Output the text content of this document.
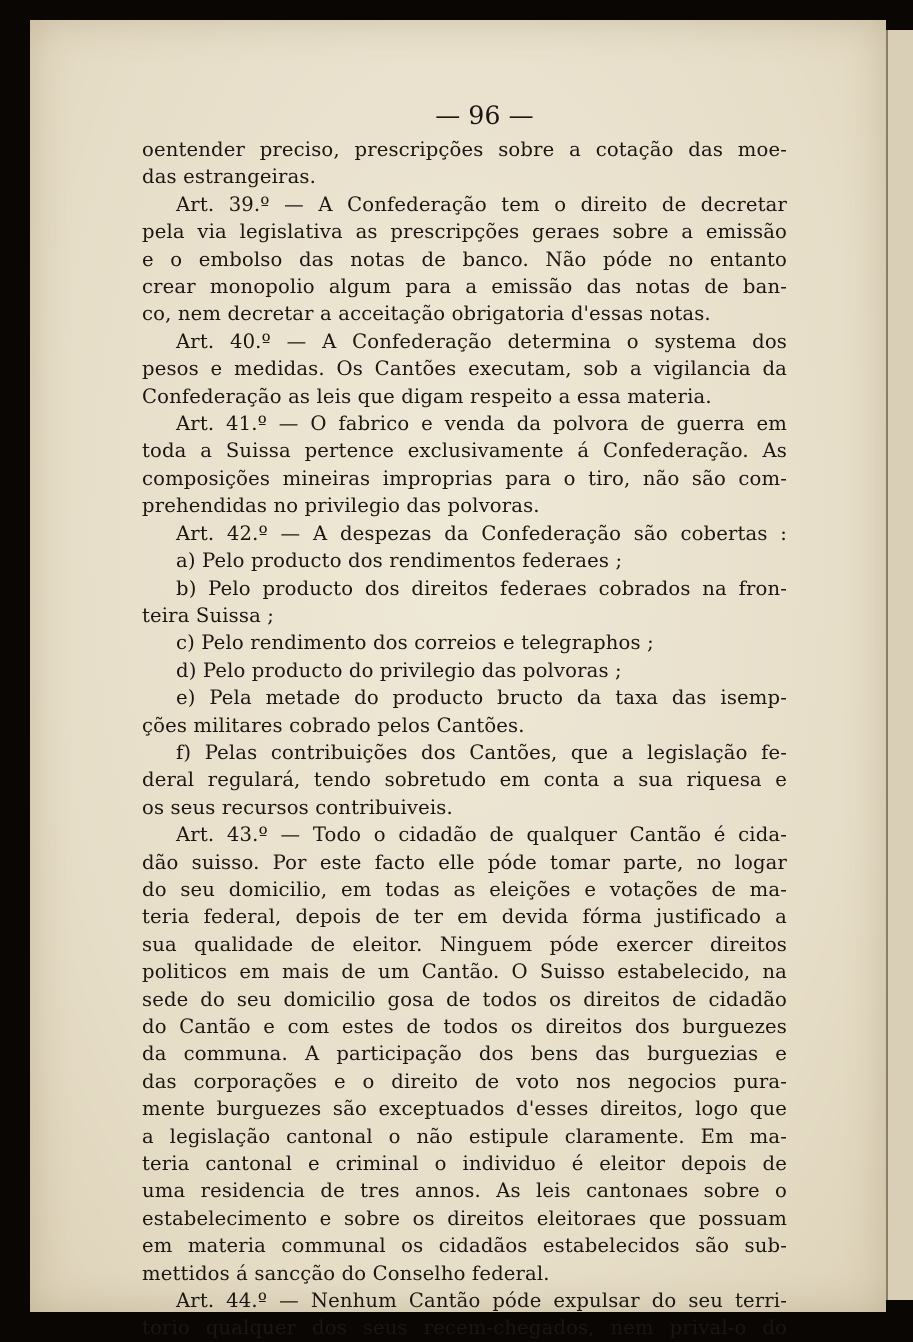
— 96 —
oentender preciso, prescripções sobre a cotação das moe-
das estrangeiras.
Art. 39.º — A Confederação tem o direito de decretar
pela via legislativa as prescripções geraes sobre a emissão
e o embolso das notas de banco. Não póde no entanto
crear monopolio algum para a emissão das notas de ban-
co, nem decretar a acceitação obrigatoria d'essas notas.
Art. 40.º — A Confederação determina o systema dos
pesos e medidas. Os Cantões executam, sob a vigilancia da
Confederação as leis que digam respeito a essa materia.
Art. 41.º — O fabrico e venda da polvora de guerra em
toda a Suissa pertence exclusivamente á Confederação. As
composições mineiras improprias para o tiro, não são com-
prehendidas no privilegio das polvoras.
Art. 42.º — A despezas da Confederação são cobertas :
a) Pelo producto dos rendimentos federaes ;
b) Pelo producto dos direitos federaes cobrados na fron-
teira Suissa ;
c) Pelo rendimento dos correios e telegraphos ;
d) Pelo producto do privilegio das polvoras ;
e) Pela metade do producto bructo da taxa das isemp-
ções militares cobrado pelos Cantões.
f) Pelas contribuições dos Cantões, que a legislação fe-
deral regulará, tendo sobretudo em conta a sua riquesa e
os seus recursos contribuiveis.
Art. 43.º — Todo o cidadão de qualquer Cantão é cida-
dão suisso. Por este facto elle póde tomar parte, no logar
do seu domicilio, em todas as eleições e votações de ma-
teria federal, depois de ter em devida fórma justificado a
sua qualidade de eleitor. Ninguem póde exercer direitos
politicos em mais de um Cantão. O Suisso estabelecido, na
sede do seu domicilio gosa de todos os direitos de cidadão
do Cantão e com estes de todos os direitos dos burguezes
da communa. A participação dos bens das burguezias e
das corporações e o direito de voto nos negocios pura-
mente burguezes são exceptuados d'esses direitos, logo que
a legislação cantonal o não estipule claramente. Em ma-
teria cantonal e criminal o individuo é eleitor depois de
uma residencia de tres annos. As leis cantonaes sobre o
estabelecimento e sobre os direitos eleitoraes que possuam
em materia communal os cidadãos estabelecidos são sub-
mettidos á sancção do Conselho federal.
Art. 44.º — Nenhum Cantão póde expulsar do seu terri-
torio qualquer dos seus recem-chegados, nem prival-o do
